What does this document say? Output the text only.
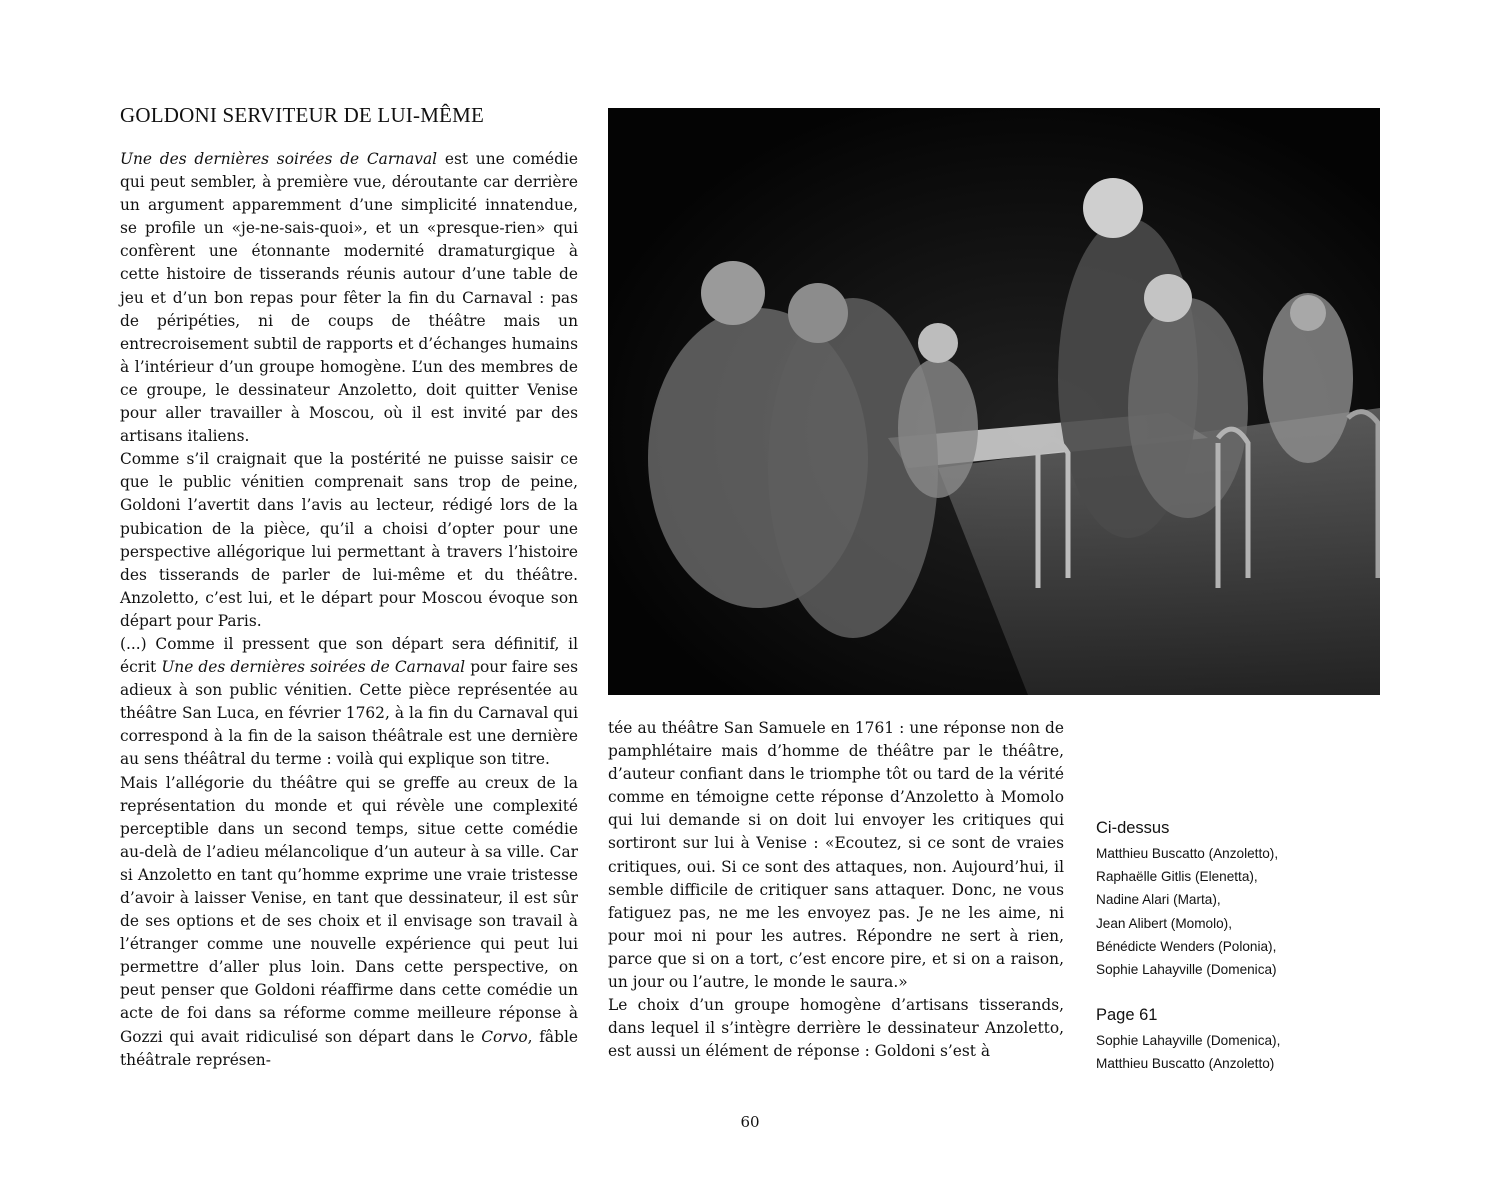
GOLDONI SERVITEUR DE LUI-MÊME

Une des dernières soirées de Carnaval est une comédie qui peut sembler, à première vue, déroutante car derrière un argument apparemment d’une simplicité innatendue, se profile un «je-ne-sais-quoi», et un «presque-rien» qui confèrent une étonnante modernité dramaturgique à cette histoire de tisserands réunis autour d’une table de jeu et d’un bon repas pour fêter la fin du Carnaval : pas de péripéties, ni de coups de théâtre mais un entrecroisement subtil de rapports et d’échanges humains à l’intérieur d’un groupe homogène. L’un des membres de ce groupe, le dessinateur Anzoletto, doit quitter Venise pour aller travailler à Moscou, où il est invité par des artisans italiens.

Comme s’il craignait que la postérité ne puisse saisir ce que le public vénitien comprenait sans trop de peine, Goldoni l’avertit dans l’avis au lecteur, rédigé lors de la pubication de la pièce, qu’il a choisi d’opter pour une perspective allégorique lui permettant à travers l’histoire des tisserands de parler de lui-même et du théâtre. Anzoletto, c’est lui, et le départ pour Moscou évoque son départ pour Paris.

(...) Comme il pressent que son départ sera définitif, il écrit Une des dernières soirées de Carnaval pour faire ses adieux à son public vénitien. Cette pièce représentée au théâtre San Luca, en février 1762, à la fin du Carnaval qui correspond à la fin de la saison théâtrale est une dernière au sens théâtral du terme : voilà qui explique son titre.

Mais l’allégorie du théâtre qui se greffe au creux de la représentation du monde et qui révèle une complexité perceptible dans un second temps, situe cette comédie au-delà de l’adieu mélancolique d’un auteur à sa ville. Car si Anzoletto en tant qu’homme exprime une vraie tristesse d’avoir à laisser Venise, en tant que dessinateur, il est sûr de ses options et de ses choix et il envisage son travail à l’étranger comme une nouvelle expérience qui peut lui permettre d’aller plus loin. Dans cette perspective, on peut penser que Goldoni réaffirme dans cette comédie un acte de foi dans sa réforme comme meilleure réponse à Gozzi qui avait ridiculisé son départ dans le Corvo, fâble théâtrale représen-

tée au théâtre San Samuele en 1761 : une réponse non de pamphlétaire mais d’homme de théâtre par le théâtre, d’auteur confiant dans le triomphe tôt ou tard de la vérité comme en témoigne cette réponse d’Anzoletto à Momolo qui lui demande si on doit lui envoyer les critiques qui sortiront sur lui à Venise : «Ecoutez, si ce sont de vraies critiques, oui. Si ce sont des attaques, non. Aujourd’hui, il semble difficile de critiquer sans attaquer. Donc, ne vous fatiguez pas, ne me les envoyez pas. Je ne les aime, ni pour moi ni pour les autres. Répondre ne sert à rien, parce que si on a tort, c’est encore pire, et si on a raison, un jour ou l’autre, le monde le saura.»

Le choix d’un groupe homogène d’artisans tisserands, dans lequel il s’intègre derrière le dessinateur Anzoletto, est aussi un élément de réponse : Goldoni s’est à

Ci-dessus
Matthieu Buscatto (Anzoletto),
Raphaëlle Gitlis (Elenetta),
Nadine Alari (Marta),
Jean Alibert (Momolo),
Bénédicte Wenders (Polonia),
Sophie Lahayville (Domenica)
Page 61
Sophie Lahayville (Domenica),
Matthieu Buscatto (Anzoletto)
60
